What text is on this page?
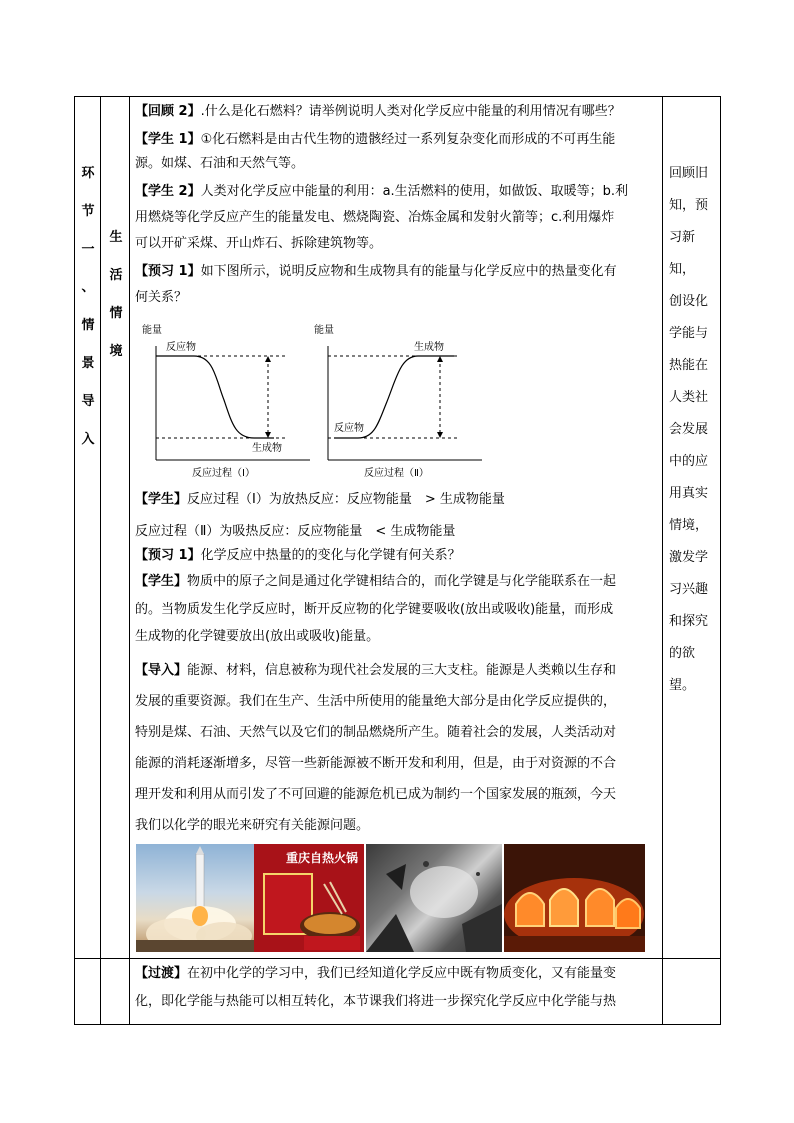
环
节
一
、
情
景
导
入
生
活
情
境
回顾旧
知，预
习新知，
创设化
学能与
热能在
人类社
会发展
中的应
用真实
情境，
激发学
习兴趣
和探究
的欲望。
【回顾 2】.什么是化石燃料？请举例说明人类对化学反应中能量的利用情况有哪些？
【学生 1】①化石燃料是由古代生物的遗骸经过一系列复杂变化而形成的不可再生能
源。如煤、石油和天然气等。
【学生 2】人类对化学反应中能量的利用：a.生活燃料的使用，如做饭、取暖等；b.利
用燃烧等化学反应产生的能量发电、燃烧陶瓷、冶炼金属和发射火箭等；c.利用爆炸
可以开矿采煤、开山炸石、拆除建筑物等。
【预习 1】如下图所示，说明反应物和生成物具有的能量与化学反应中的热量变化有
何关系？
能量
反应物
生成物
反应过程（Ⅰ）
能量
反应物
生成物
反应过程（Ⅱ）
【学生】反应过程（Ⅰ）为放热反应：反应物能量　> 生成物能量
反应过程（Ⅱ）为吸热反应：反应物能量　< 生成物能量
【预习 1】化学反应中热量的的变化与化学键有何关系？
【学生】物质中的原子之间是通过化学键相结合的，而化学键是与化学能联系在一起
的。当物质发生化学反应时，断开反应物的化学键要吸收(放出或吸收)能量，而形成
生成物的化学键要放出(放出或吸收)能量。
【导入】能源、材料，信息被称为现代社会发展的三大支柱。能源是人类赖以生存和
发展的重要资源。我们在生产、生活中所使用的能量绝大部分是由化学反应提供的，
特别是煤、石油、天然气以及它们的制品燃烧所产生。随着社会的发展，人类活动对
能源的消耗逐渐增多，尽管一些新能源被不断开发和利用，但是，由于对资源的不合
理开发和利用从而引发了不可回避的能源危机已成为制约一个国家发展的瓶颈，今天
我们以化学的眼光来研究有关能源问题。
重庆自热火锅
【过渡】在初中化学的学习中，我们已经知道化学反应中既有物质变化，又有能量变
化，即化学能与热能可以相互转化，本节课我们将进一步探究化学反应中化学能与热
